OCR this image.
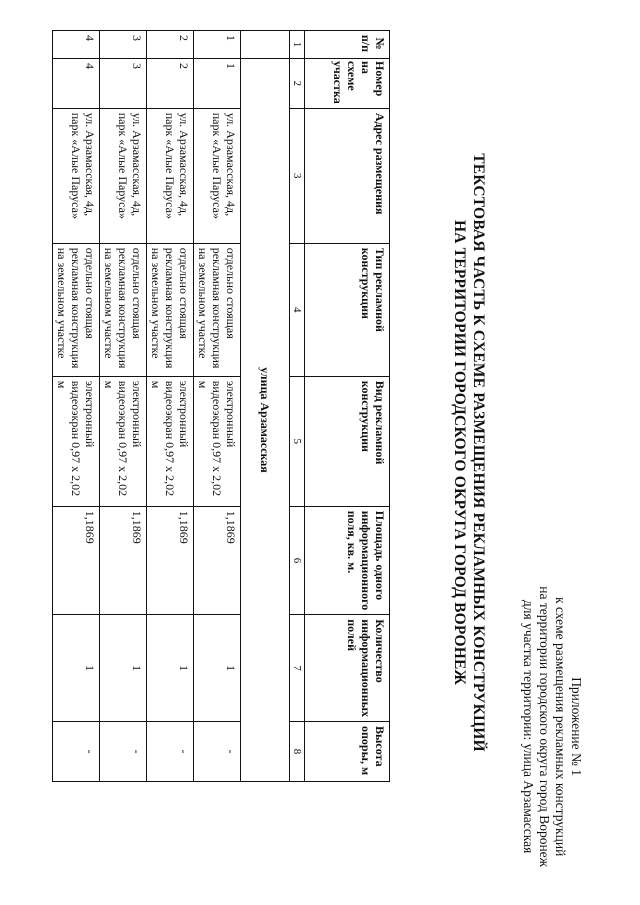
Приложение № 1
к схеме размещения рекламных конструкций
на территории городского округа город Воронеж
для участка территории: улица Арзамасская
ТЕКСТОВАЯ ЧАСТЬ К СХЕМЕ РАЗМЕЩЕНИЯ РЕКЛАМНЫХ КОНСТРУКЦИЙ
НА ТЕРРИТОРИИ ГОРОДСКОГО ОКРУГА ГОРОД ВОРОНЕЖ
№ п/п	Номер на схеме участка	Адрес размещения	Тип рекламной конструкции	Вид рекламной конструкции	Площадь одного информационного поля, кв. м.	Количество информационных полей	Высота опоры, м
1	2	3	4	5	6	7	8
	улица Арзамасская						
1	1	ул. Арзамасская, 4д, парк «Алые Паруса»	отдельно стоящая рекламная конструкция на земельном участке	электронный видеоэкран 0,97 х 2,02 м	1,1869	1	-
2	2	ул. Арзамасская, 4д, парк «Алые Паруса»	отдельно стоящая рекламная конструкция на земельном участке	электронный видеоэкран 0,97 х 2,02 м	1,1869	1	-
3	3	ул. Арзамасская, 4д, парк «Алые Паруса»	отдельно стоящая рекламная конструкция на земельном участке	электронный видеоэкран 0,97 х 2,02 м	1,1869	1	-
4	4	ул. Арзамасская, 4д, парк «Алые Паруса»	отдельно стоящая рекламная конструкция на земельном участке	электронный видеоэкран 0,97 х 2,02 м	1,1869	1	-
